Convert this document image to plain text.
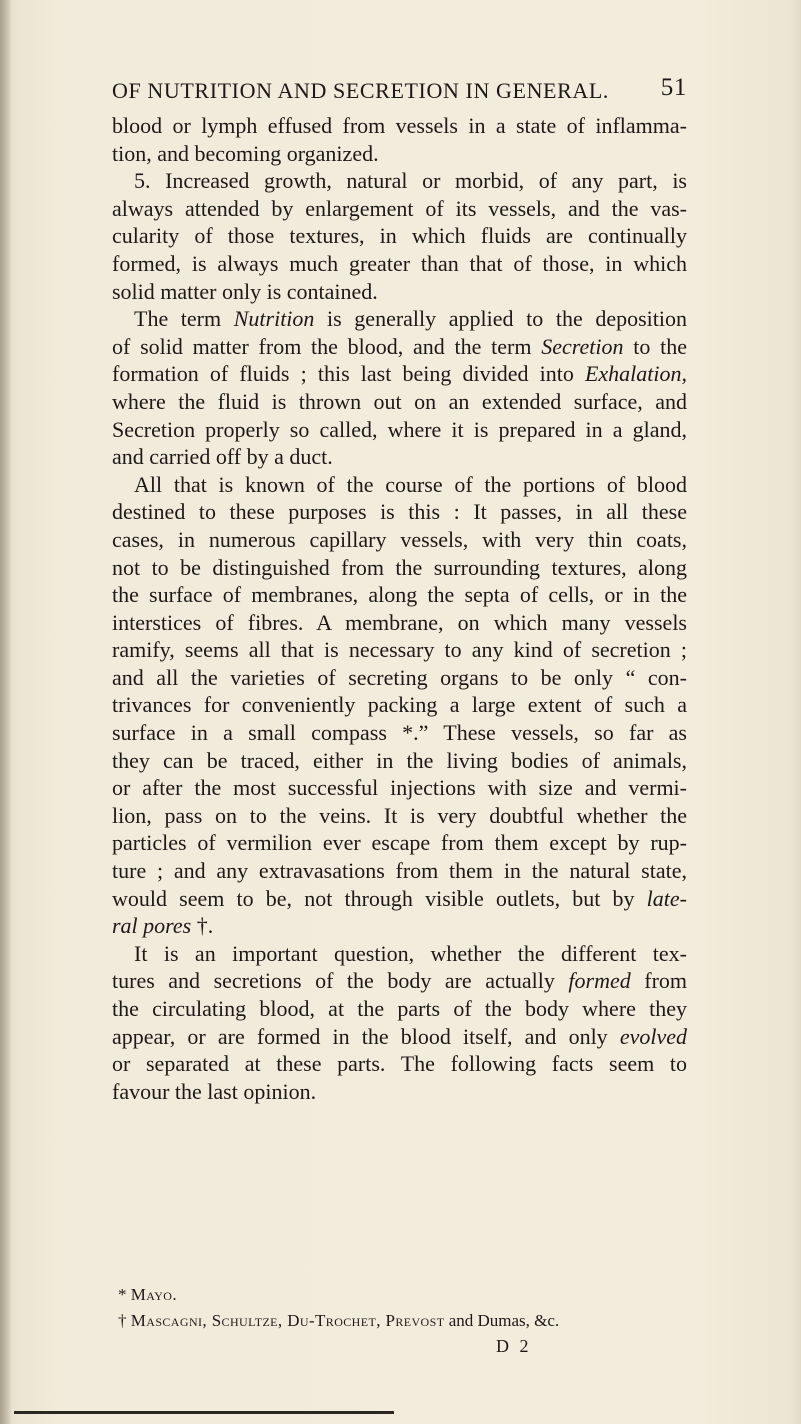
OF NUTRITION AND SECRETION IN GENERAL. 51
blood or lymph effused from vessels in a state of inflamma-
tion, and becoming organized.
5. Increased growth, natural or morbid, of any part, is
always attended by enlargement of its vessels, and the vas-
cularity of those textures, in which fluids are continually
formed, is always much greater than that of those, in which
solid matter only is contained.
The term Nutrition is generally applied to the deposition
of solid matter from the blood, and the term Secretion to the
formation of fluids ; this last being divided into Exhalation,
where the fluid is thrown out on an extended surface, and
Secretion properly so called, where it is prepared in a gland,
and carried off by a duct.
All that is known of the course of the portions of blood
destined to these purposes is this : It passes, in all these
cases, in numerous capillary vessels, with very thin coats,
not to be distinguished from the surrounding textures, along
the surface of membranes, along the septa of cells, or in the
interstices of fibres. A membrane, on which many vessels
ramify, seems all that is necessary to any kind of secretion ;
and all the varieties of secreting organs to be only “ con-
trivances for conveniently packing a large extent of such a
surface in a small compass *.” These vessels, so far as
they can be traced, either in the living bodies of animals,
or after the most successful injections with size and vermi-
lion, pass on to the veins. It is very doubtful whether the
particles of vermilion ever escape from them except by rup-
ture ; and any extravasations from them in the natural state,
would seem to be, not through visible outlets, but by late-
ral pores †.
It is an important question, whether the different tex-
tures and secretions of the body are actually formed from
the circulating blood, at the parts of the body where they
appear, or are formed in the blood itself, and only evolved
or separated at these parts. The following facts seem to
favour the last opinion.
* Mayo.
† Mascagni, Schultze, Du-Trochet, Prevost and Dumas, &c.
D 2
